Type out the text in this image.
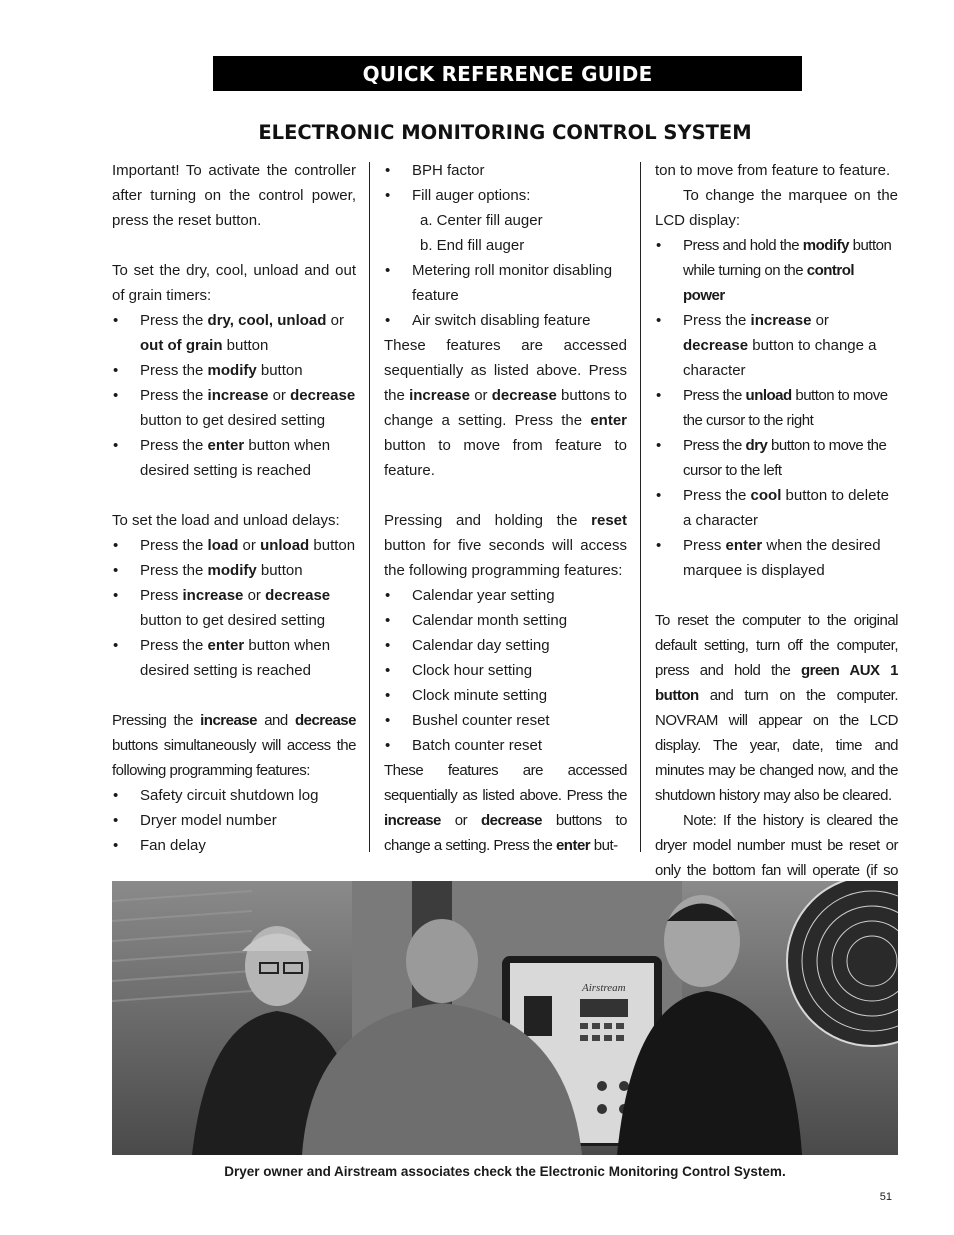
QUICK REFERENCE GUIDE
ELECTRONIC MONITORING CONTROL SYSTEM

Important! To activate the controller after turning on the control power, press the reset button.

To set the dry, cool, unload and out of grain timers:

• Press the dry, cool, unload or out of grain button
• Press the modify button
• Press the increase or decrease button to get desired setting
• Press the enter button when desired setting is reached

To set the load and unload delays:

• Press the load or unload button
• Press the modify button
• Press increase or decrease button to get desired setting
• Press the enter button when desired setting is reached

Pressing the increase and decrease buttons simultaneously will access the following programming features:

• Safety circuit shutdown log
• Dryer model number
• Fan delay
• BPH factor
• Fill auger options:

a. Center fill auger

b. End fill auger

• Metering roll monitor disabling feature
• Air switch disabling feature

These features are accessed sequentially as listed above. Press the increase or decrease buttons to change a setting. Press the enter button to move from feature to feature.

Pressing and holding the reset button for five seconds will access the following programming features:

• Calendar year setting
• Calendar month setting
• Calendar day setting
• Clock hour setting
• Clock minute setting
• Bushel counter reset
• Batch counter reset

These features are accessed sequentially as listed above. Press the increase or decrease buttons to change a setting. Press the enter but-

ton to move from feature to feature.

To change the marquee on the LCD display:

• Press and hold the modify button while turning on the control power
• Press the increase or decrease button to change a character
• Press the unload button to move the cursor to the right
• Press the dry button to move the cursor to the left
• Press the cool button to delete a character
• Press enter when the desired marquee is displayed

To reset the computer to the original default setting, turn off the computer, press and hold the green AUX 1 button and turn on the computer. NOVRAM will appear on the LCD display. The year, date, time and minutes may be changed now, and the shutdown history may also be cleared.

Note: If the history is cleared the dryer model number must be reset or only the bottom fan will operate (if so

Airstream
Dryer owner and Airstream associates check the Electronic Monitoring Control System.
51
